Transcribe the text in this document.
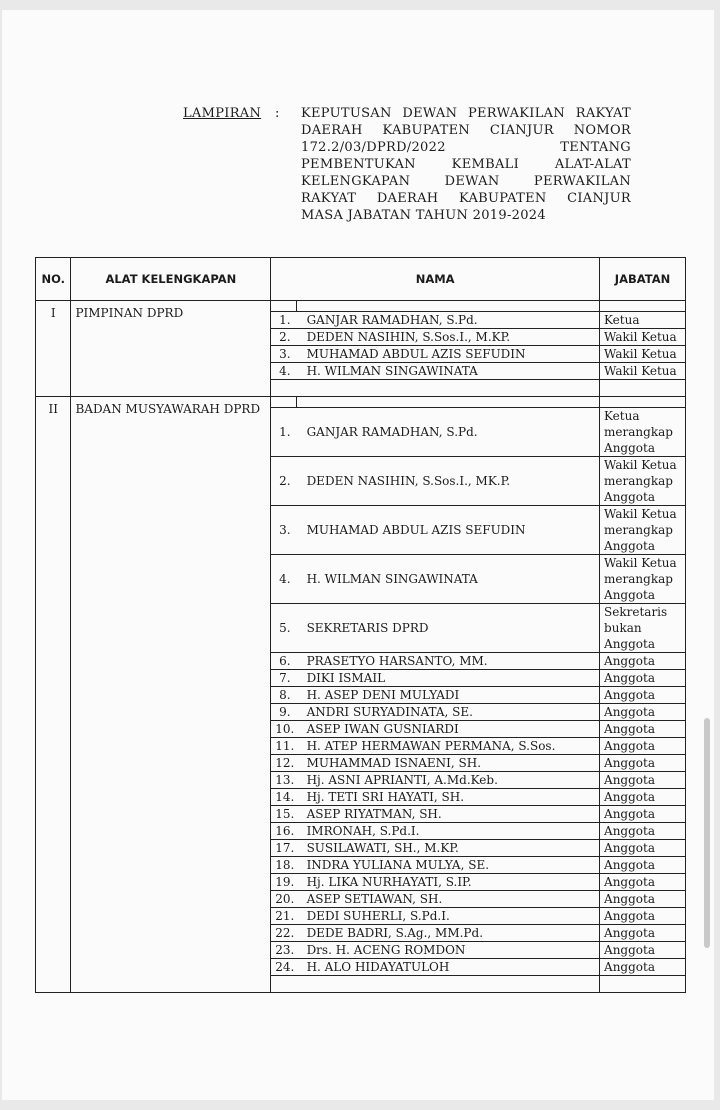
LAMPIRAN : KEPUTUSAN DEWAN PERWAKILAN RAKYAT
DAERAH KABUPATEN CIANJUR NOMOR
172.2/03/DPRD/2022 TENTANG
PEMBENTUKAN KEMBALI ALAT-ALAT
KELENGKAPAN DEWAN PERWAKILAN
RAKYAT DAERAH KABUPATEN CIANJUR
MASA JABATAN TAHUN 2019-2024
NO.	ALAT KELENGKAPAN	NAMA		JABATAN
I	PIMPINAN DPRD			
		1.	GANJAR RAMADHAN, S.Pd.	Ketua
		2.	DEDEN NASIHIN, S.Sos.I., M.KP.	Wakil Ketua
		3.	MUHAMAD ABDUL AZIS SEFUDIN	Wakil Ketua
		4.	H. WILMAN SINGAWINATA	Wakil Ketua

II	BADAN MUSYAWARAH DPRD			
		1.	GANJAR RAMADHAN, S.Pd.	Ketua merangkap Anggota
		2.	DEDEN NASIHIN, S.Sos.I., MK.P.	Wakil Ketua merangkap Anggota
		3.	MUHAMAD ABDUL AZIS SEFUDIN	Wakil Ketua merangkap Anggota
		4.	H. WILMAN SINGAWINATA	Wakil Ketua merangkap Anggota
		5.	SEKRETARIS DPRD	Sekretaris bukan Anggota
		6.	PRASETYO HARSANTO, MM.	Anggota
		7.	DIKI ISMAIL	Anggota
		8.	H. ASEP DENI MULYADI	Anggota
		9.	ANDRI SURYADINATA, SE.	Anggota
		10.	ASEP IWAN GUSNIARDI	Anggota
		11.	H. ATEP HERMAWAN PERMANA, S.Sos.	Anggota
		12.	MUHAMMAD ISNAENI, SH.	Anggota
		13.	Hj. ASNI APRIANTI, A.Md.Keb.	Anggota
		14.	Hj. TETI SRI HAYATI, SH.	Anggota
		15.	ASEP RIYATMAN, SH.	Anggota
		16.	IMRONAH, S.Pd.I.	Anggota
		17.	SUSILAWATI, SH., M.KP.	Anggota
		18.	INDRA YULIANA MULYA, SE.	Anggota
		19.	Hj. LIKA NURHAYATI, S.IP.	Anggota
		20.	ASEP SETIAWAN, SH.	Anggota
		21.	DEDI SUHERLI, S.Pd.I.	Anggota
		22.	DEDE BADRI, S.Ag., MM.Pd.	Anggota
		23.	Drs. H. ACENG ROMDON	Anggota
		24.	H. ALO HIDAYATULOH	Anggota
